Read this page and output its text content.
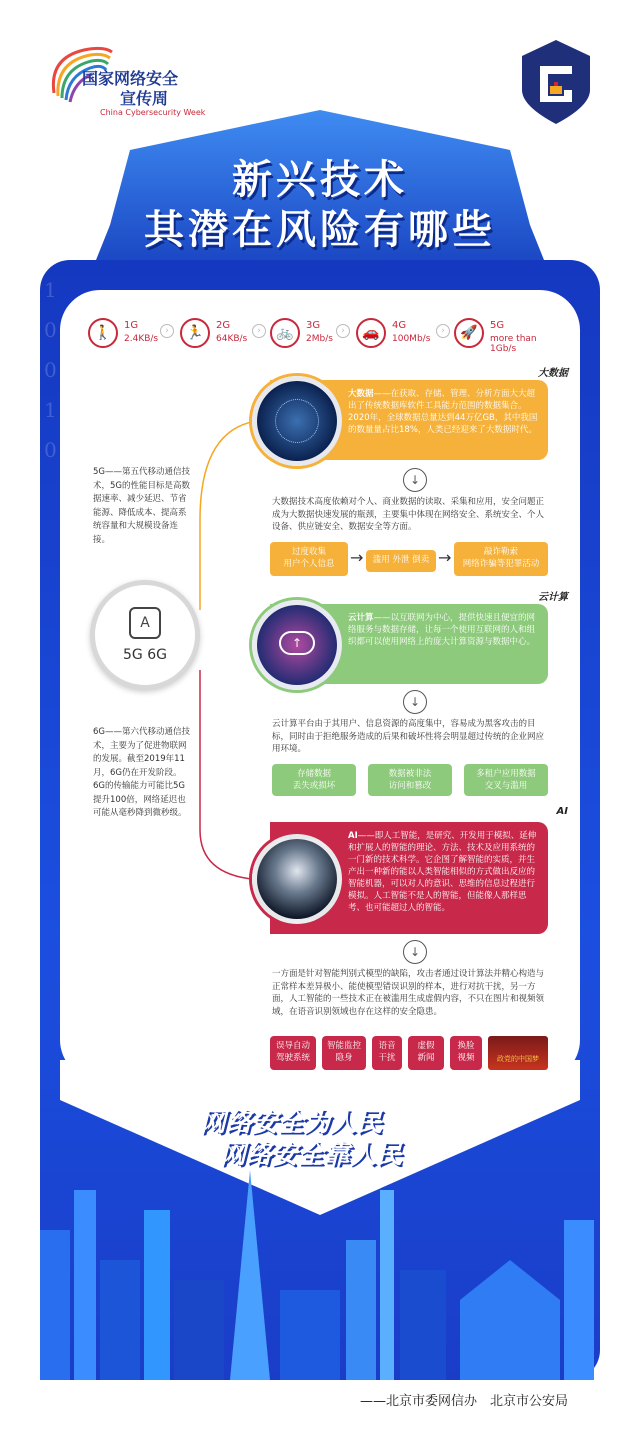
1
0
0
1
0
国家网络安全
宣传周
China Cybersecurity Week
新兴技术
其潜在风险有哪些
🚶	1G
2.4KB/s
›	🏃	2G
64KB/s
›	🚲	3G
2Mb/s
›	🚗	4G
100Mb/s
›	🚀	5G
more than 1Gb/s
5G——第五代移动通信技术，5G的性能目标是高数据速率、减少延迟、节省能源、降低成本、提高系统容量和大规模设备连接。
6G——第六代移动通信技术，主要为了促进物联网的发展。截至2019年11月，6G仍在开发阶段。6G的传输能力可能比5G提升100倍，网络延迟也可能从毫秒降到微秒级。
A
5G 6G
大数据
大数据——在获取、存储、管理、分析方面大大超出了传统数据库软件工具能力范围的数据集合。2020年，全球数据总量达到44万亿GB，其中我国的数量量占比18%，人类已经迎来了大数据时代。
↓
大数据技术高度依赖对个人、商业数据的读取、采集和应用，安全问题正成为大数据快速发展的瓶颈，主要集中体现在网络安全、系统安全、个人设备、供应链安全、数据安全等方面。
过度收集
用户个人信息 →	滥用 外泄 倒卖 →	敲诈勒索
网络诈骗等犯罪活动
云计算
云计算——以互联网为中心，提供快速且便宜的网络服务与数据存储，让每一个使用互联网的人和组织都可以使用网络上的庞大计算资源与数据中心。
↑
↓
云计算平台由于其用户、信息资源的高度集中，容易成为黑客攻击的目标，同时由于拒绝服务造成的后果和破坏性将会明显超过传统的企业网应用环境。
存储数据
丢失或损坏
数据被非法
访问和篡改
多租户应用数据
交叉与滥用
AI
AI——即人工智能，是研究、开发用于模拟、延伸和扩展人的智能的理论、方法、技术及应用系统的一门新的技术科学。它企图了解智能的实质，并生产出一种新的能以人类智能相似的方式做出反应的智能机器，可以对人的意识、思维的信息过程进行模拟。人工智能不是人的智能，但能像人那样思考、也可能超过人的智能。
↓
一方面是针对智能判别式模型的缺陷，攻击者通过设计算法并精心构造与正常样本差异极小、能使模型错误识别的样本，进行对抗干扰，另一方面，人工智能的一些技术正在被滥用生成虚假内容，不只在图片和视频领域，在语音识别领域也存在这样的安全隐患。
误导自动
驾驶系统
智能监控
隐身
语音
干扰
虚假
新闻
换脸
视频	政党的中国梦
网络安全为人民
网络安全靠人民
——北京市委网信办　北京市公安局
